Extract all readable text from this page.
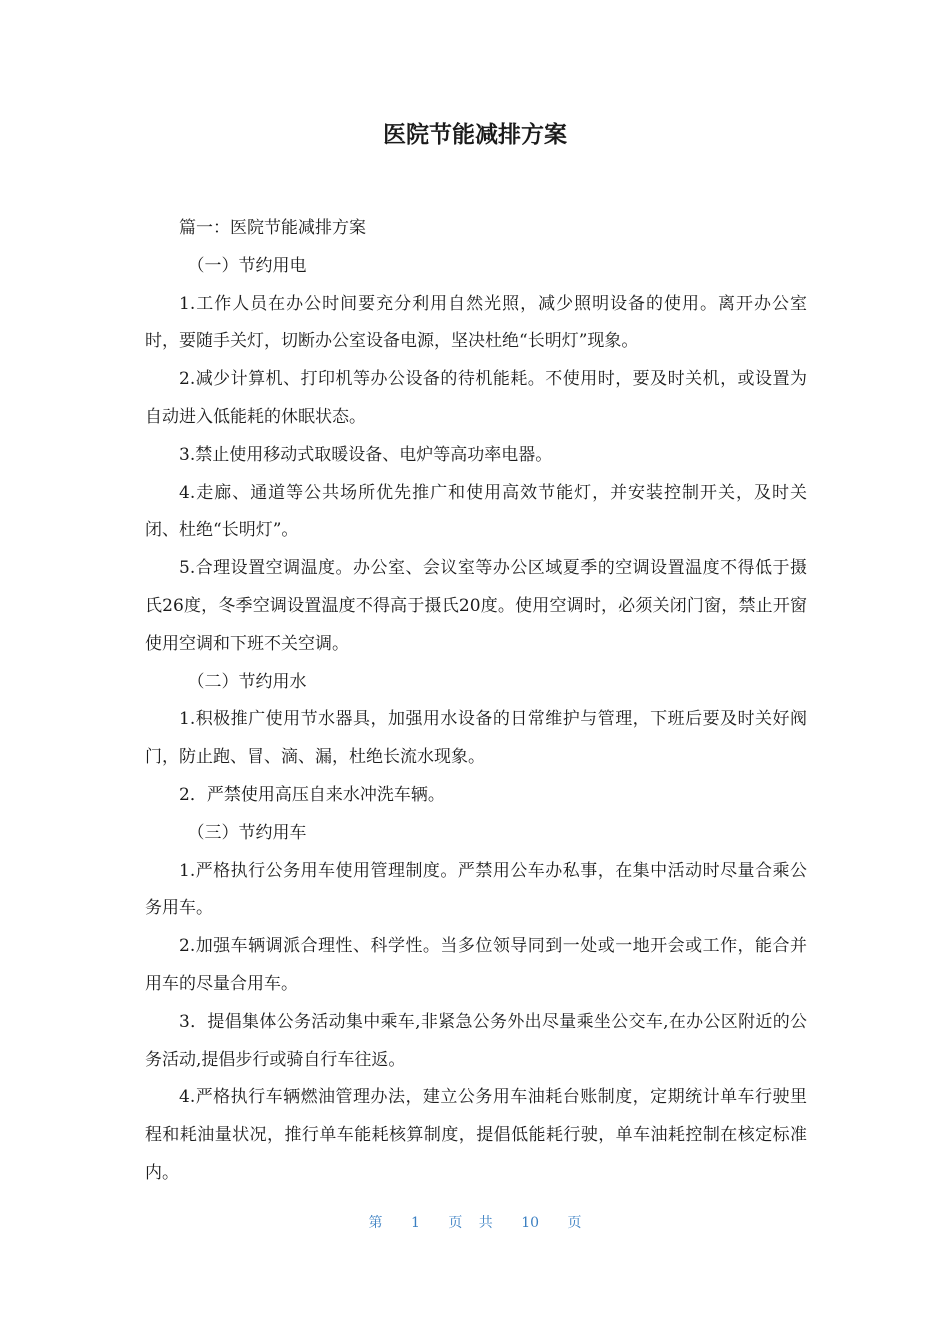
医院节能减排方案

篇一：医院节能减排方案

（一）节约用电

1.工作人员在办公时间要充分利用自然光照，减少照明设备的使用。离开办公室时，要随手关灯，切断办公室设备电源，坚决杜绝“长明灯”现象。

2.减少计算机、打印机等办公设备的待机能耗。不使用时，要及时关机，或设置为自动进入低能耗的休眠状态。

3.禁止使用移动式取暖设备、电炉等高功率电器。

4.走廊、通道等公共场所优先推广和使用高效节能灯，并安装控制开关，及时关闭、杜绝“长明灯”。

5.合理设置空调温度。办公室、会议室等办公区域夏季的空调设置温度不得低于摄氏26度，冬季空调设置温度不得高于摄氏20度。使用空调时，必须关闭门窗，禁止开窗使用空调和下班不关空调。

（二）节约用水

1.积极推广使用节水器具，加强用水设备的日常维护与管理，下班后要及时关好阀门，防止跑、冒、滴、漏，杜绝长流水现象。

2．严禁使用高压自来水冲洗车辆。

（三）节约用车

1.严格执行公务用车使用管理制度。严禁用公车办私事，在集中活动时尽量合乘公务用车。

2.加强车辆调派合理性、科学性。当多位领导同到一处或一地开会或工作，能合并用车的尽量合用车。

3．提倡集体公务活动集中乘车,非紧急公务外出尽量乘坐公交车,在办公区附近的公务活动,提倡步行或骑自行车往返。

4.严格执行车辆燃油管理办法，建立公务用车油耗台账制度，定期统计单车行驶里程和耗油量状况，推行单车能耗核算制度，提倡低能耗行驶，单车油耗控制在核定标准内。

第 1 页 共 10 页
